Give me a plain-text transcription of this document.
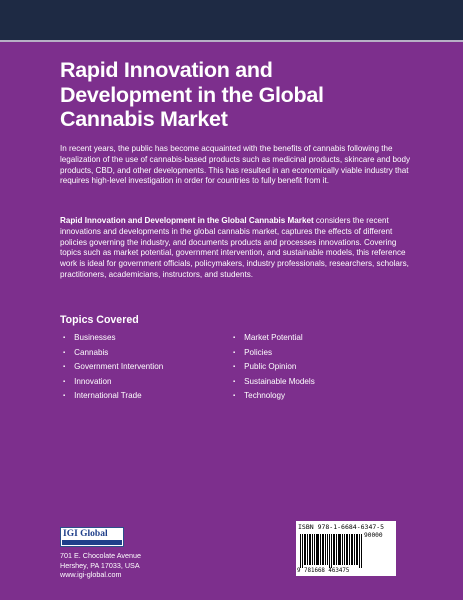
Rapid Innovation and Development in the Global Cannabis Market
In recent years, the public has become acquainted with the benefits of cannabis following the legalization of the use of cannabis-based products such as medicinal products, skincare and body products, CBD, and other developments. This has resulted in an economically viable industry that requires high-level investigation in order for countries to fully benefit from it.
Rapid Innovation and Development in the Global Cannabis Market considers the recent innovations and developments in the global cannabis market, captures the effects of different policies governing the industry, and documents products and processes innovations. Covering topics such as market potential, government intervention, and sustainable models, this reference work is ideal for government officials, policymakers, industry professionals, researchers, scholars, practitioners, academicians, instructors, and students.
Topics Covered
▪ Businesses
▪ Cannabis
▪ Government Intervention
▪ Innovation
▪ International Trade
▪ Market Potential
▪ Policies
▪ Public Opinion
▪ Sustainable Models
▪ Technology
IGI Global
701 E. Chocolate Avenue
Hershey, PA 17033, USA
www.igi-global.com
ISBN 978-1-6684-6347-5
90000
9 781668 463475
